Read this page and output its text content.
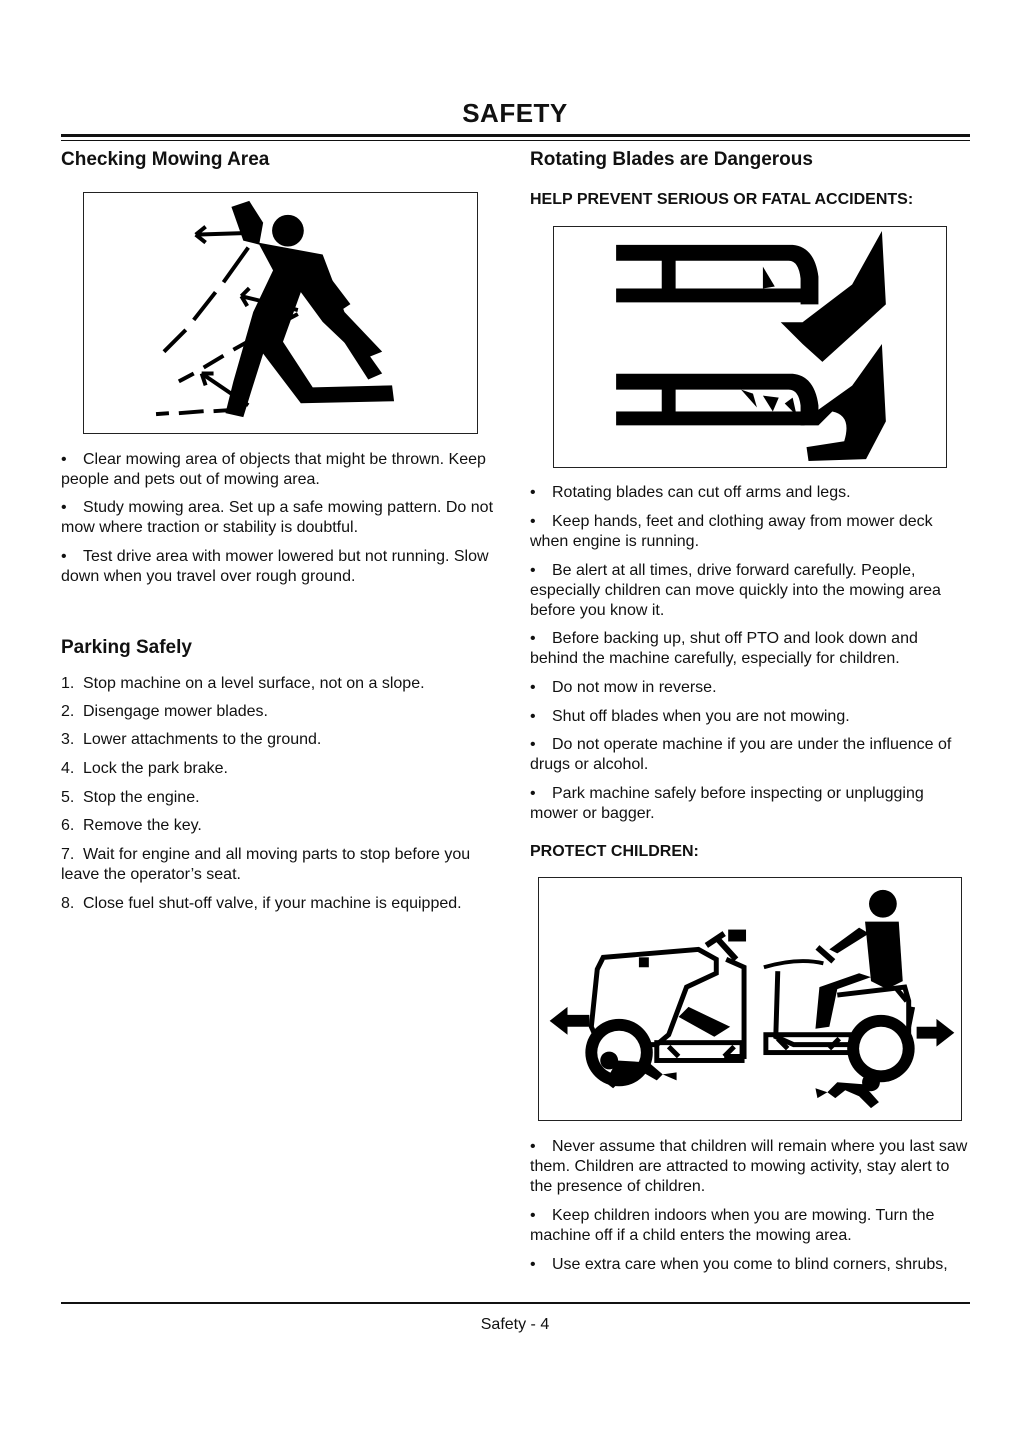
SAFETY
Checking Mowing Area

• Clear mowing area of objects that might be thrown. Keep people and pets out of mowing area.

• Study mowing area. Set up a safe mowing pattern. Do not mow where traction or stability is doubtful.

• Test drive area with mower lowered but not running. Slow down when you travel over rough ground.

Parking Safely

1. Stop machine on a level surface, not on a slope.

2. Disengage mower blades.

3. Lower attachments to the ground.

4. Lock the park brake.

5. Stop the engine.

6. Remove the key.

7. Wait for engine and all moving parts to stop before you leave the operator’s seat.

8. Close fuel shut-off valve, if your machine is equipped.

Rotating Blades are Dangerous
HELP PREVENT SERIOUS OR FATAL ACCIDENTS:

• Rotating blades can cut off arms and legs.

• Keep hands, feet and clothing away from mower deck when engine is running.

• Be alert at all times, drive forward carefully. People, especially children can move quickly into the mowing area before you know it.

• Before backing up, shut off PTO and look down and behind the machine carefully, especially for children.

• Do not mow in reverse.

• Shut off blades when you are not mowing.

• Do not operate machine if you are under the influence of drugs or alcohol.

• Park machine safely before inspecting or unplugging mower or bagger.

PROTECT CHILDREN:

• Never assume that children will remain where you last saw them. Children are attracted to mowing activity, stay alert to the presence of children.

• Keep children indoors when you are mowing. Turn the machine off if a child enters the mowing area.

• Use extra care when you come to blind corners, shrubs,

Safety - 4
